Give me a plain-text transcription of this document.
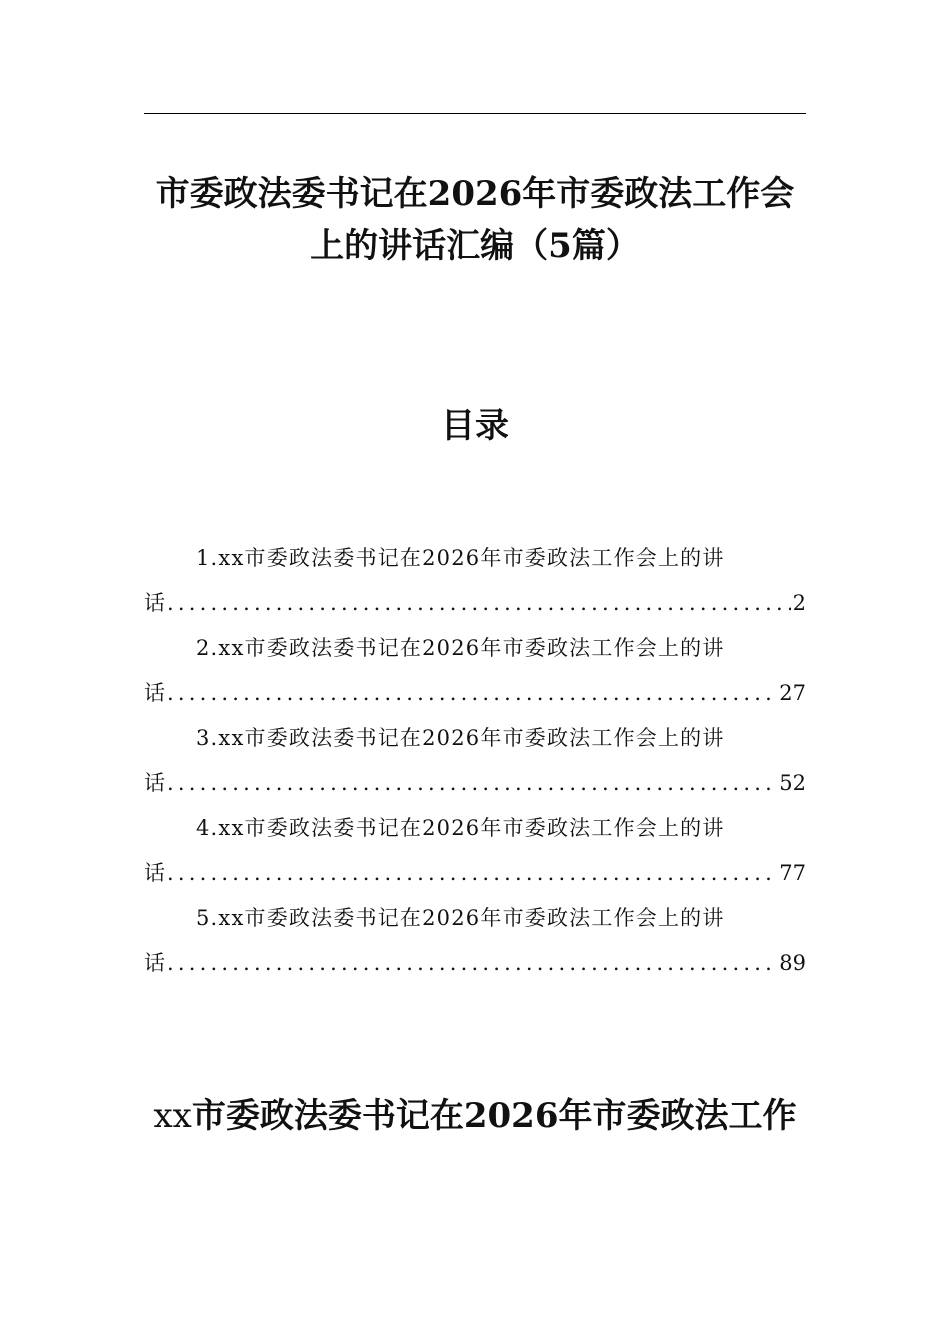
市委政法委书记在2026年市委政法工作会
上的讲话汇编（5篇）
目录
1.xx市委政法委书记在2026年市委政法工作会上的讲
话 .....	2
2.xx市委政法委书记在2026年市委政法工作会上的讲
话 .....	27
3.xx市委政法委书记在2026年市委政法工作会上的讲
话 .....	52
4.xx市委政法委书记在2026年市委政法工作会上的讲
话 .....	77
5.xx市委政法委书记在2026年市委政法工作会上的讲
话 .....	89
xx市委政法委书记在2026年市委政法工作
